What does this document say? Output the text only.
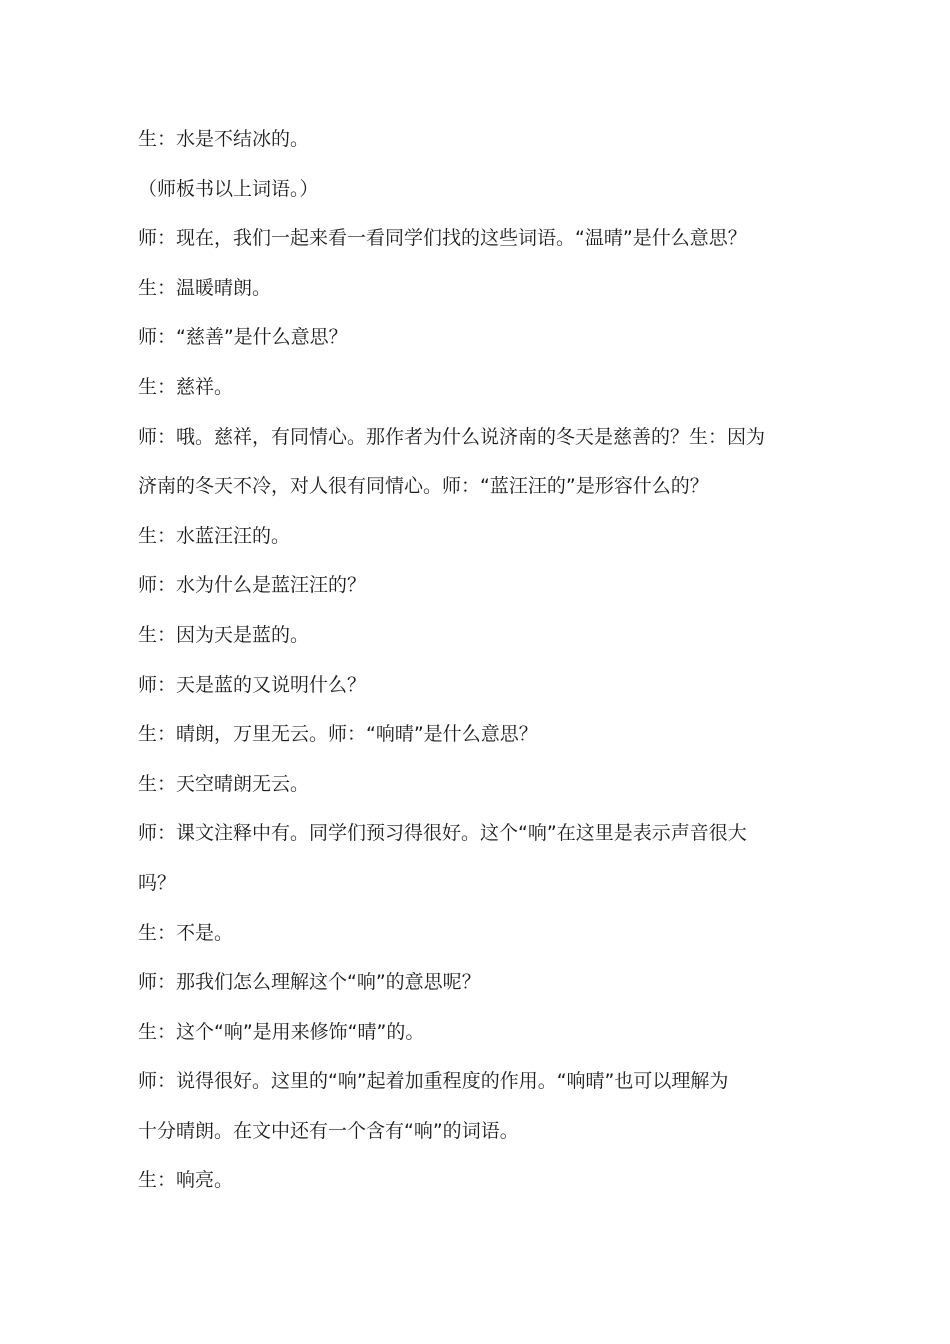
生：水是不结冰的。
（师板书以上词语。）
师：现在，我们一起来看一看同学们找的这些词语。“温晴”是什么意思？
生：温暖晴朗。
师：“慈善”是什么意思？
生：慈祥。
师：哦。慈祥，有同情心。那作者为什么说济南的冬天是慈善的？生：因为
济南的冬天不冷，对人很有同情心。师：“蓝汪汪的”是形容什么的？
生：水蓝汪汪的。
师：水为什么是蓝汪汪的？
生：因为天是蓝的。
师：天是蓝的又说明什么？
生：晴朗，万里无云。师：“响晴”是什么意思？
生：天空晴朗无云。
师：课文注释中有。同学们预习得很好。这个“响”在这里是表示声音很大
吗？
生：不是。
师：那我们怎么理解这个“响”的意思呢？
生：这个“响”是用来修饰“晴”的。
师：说得很好。这里的“响”起着加重程度的作用。“响晴”也可以理解为
十分晴朗。在文中还有一个含有“响”的词语。
生：响亮。
